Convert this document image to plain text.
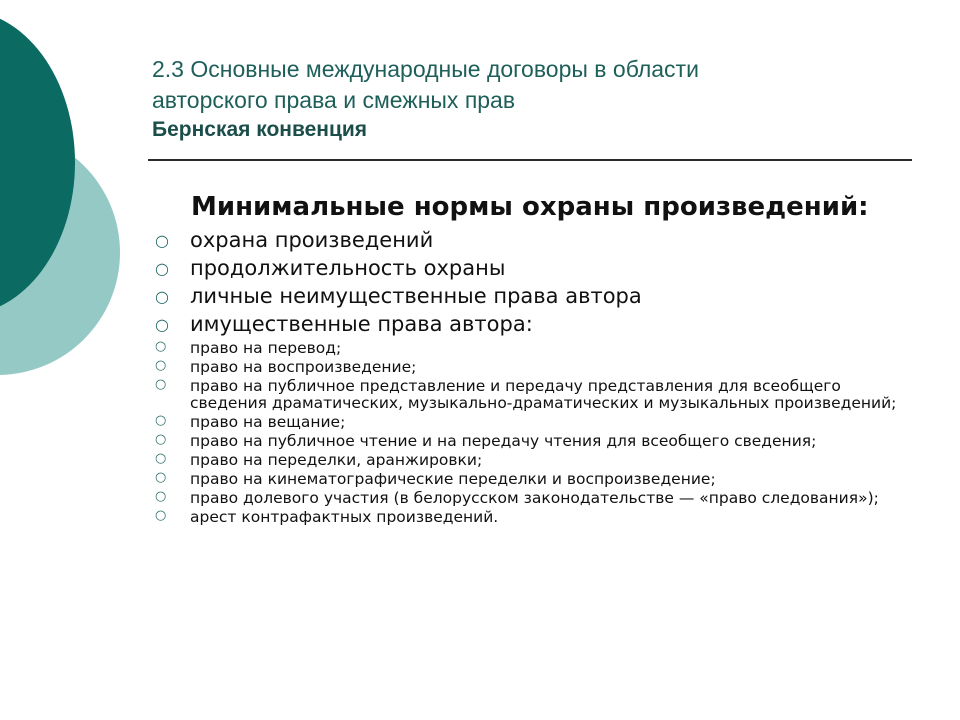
2.3 Основные международные договоры в области
авторского права и смежных прав
Бернская конвенция
Минимальные нормы охраны произведений:
○ охрана произведений
○ продолжительность охраны
○ личные неимущественные права автора
○ имущественные права автора:
○ право на перевод;
○ право на воспроизведение;
○ право на публичное представление и передачу представления для всеобщего сведения драматических, музыкально-драматических и музыкальных произведений;
○ право на вещание;
○ право на публичное чтение и на передачу чтения для всеобщего сведения;
○ право на переделки, аранжировки;
○ право на кинематографические переделки и воспроизведение;
○ право долевого участия (в белорусском законодательстве — «право следования»);
○ арест контрафактных произведений.
